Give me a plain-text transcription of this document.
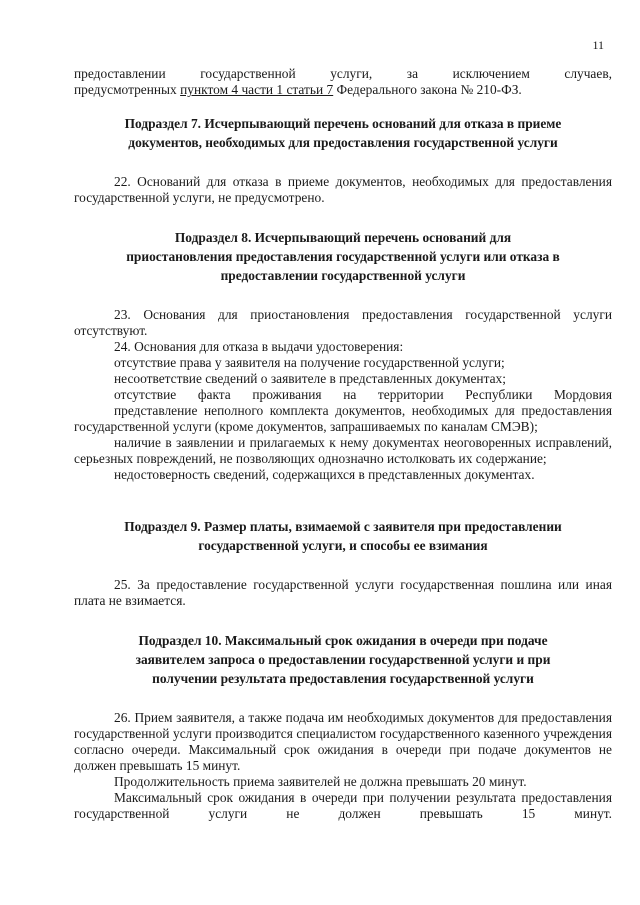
11

предоставлении государственной услуги, за исключением случаев,

предусмотренных пунктом 4 части 1 статьи 7 Федерального закона № 210-ФЗ.

Подраздел 7. Исчерпывающий перечень оснований для отказа в приеме
документов, необходимых для предоставления государственной услуги

22. Оснований для отказа в приеме документов, необходимых для предоставления государственной услуги, не предусмотрено.

Подраздел 8. Исчерпывающий перечень оснований для
приостановления предоставления государственной услуги или отказа в
предоставлении государственной услуги

23. Основания для приостановления предоставления государственной услуги отсутствуют.

24. Основания для отказа в выдачи удостоверения:

отсутствие права у заявителя на получение государственной услуги;

несоответствие сведений о заявителе в представленных документах;

отсутствие факта проживания на территории Республики Мордовия

представление неполного комплекта документов, необходимых для предоставления государственной услуги (кроме документов, запрашиваемых по каналам СМЭВ);

наличие в заявлении и прилагаемых к нему документах неоговоренных исправлений, серьезных повреждений, не позволяющих однозначно истолковать их содержание;

недостоверность сведений, содержащихся в представленных документах.

Подраздел 9. Размер платы, взимаемой с заявителя при предоставлении
государственной услуги, и способы ее взимания

25. За предоставление государственной услуги государственная пошлина или иная плата не взимается.

Подраздел 10. Максимальный срок ожидания в очереди при подаче
заявителем запроса о предоставлении государственной услуги и при
получении результата предоставления государственной услуги

26. Прием заявителя, а также подача им необходимых документов для предоставления государственной услуги производится специалистом государственного казенного учреждения согласно очереди. Максимальный срок ожидания в очереди при подаче документов не должен превышать 15 минут.

Продолжительность приема заявителей не должна превышать 20 минут.

Максимальный срок ожидания в очереди при получении результата предоставления государственной услуги не должен превышать 15 минут.
